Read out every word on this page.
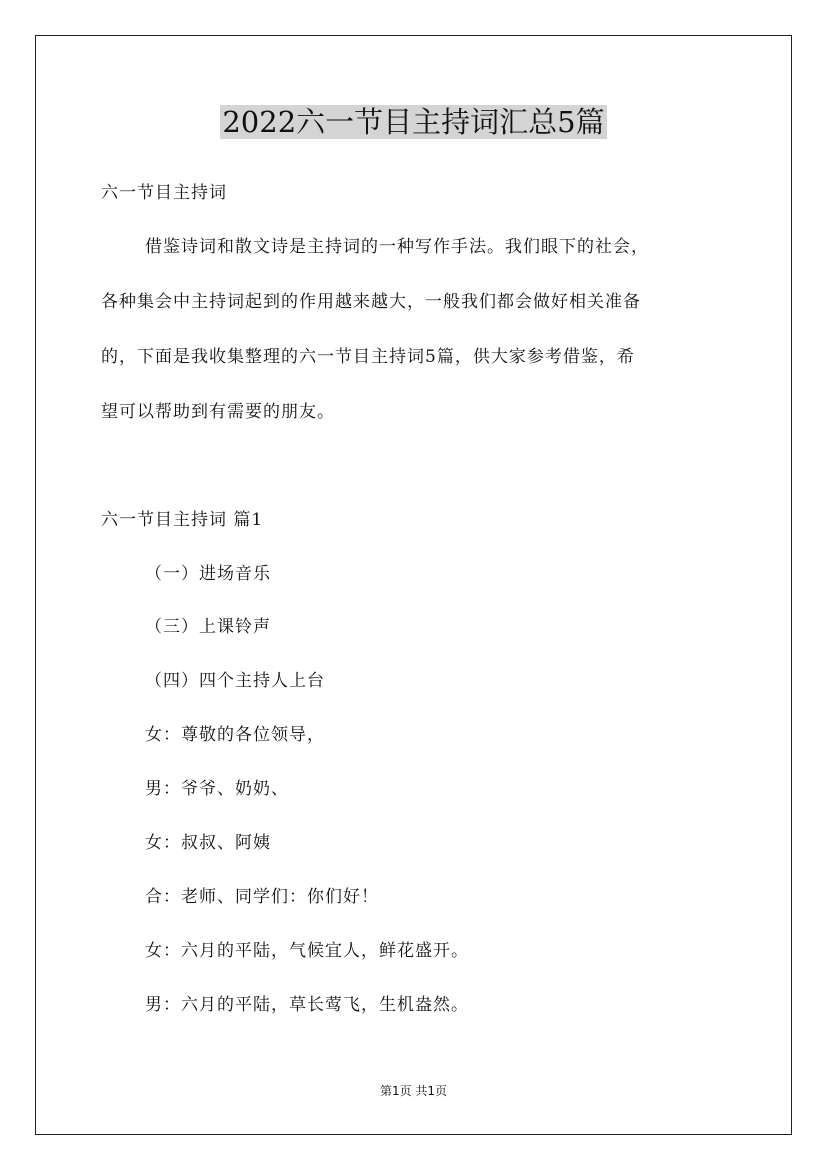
2022六一节目主持词汇总5篇
六一节目主持词
借鉴诗词和散文诗是主持词的一种写作手法。我们眼下的社会，
各种集会中主持词起到的作用越来越大，一般我们都会做好相关准备
的，下面是我收集整理的六一节目主持词5篇，供大家参考借鉴，希
望可以帮助到有需要的朋友。
六一节目主持词 篇1
（一）进场音乐
（三）上课铃声
（四）四个主持人上台
女：尊敬的各位领导，
男：爷爷、奶奶、
女：叔叔、阿姨
合：老师、同学们：你们好！
女：六月的平陆，气候宜人，鲜花盛开。
男：六月的平陆，草长莺飞，生机盎然。
第1页 共1页
